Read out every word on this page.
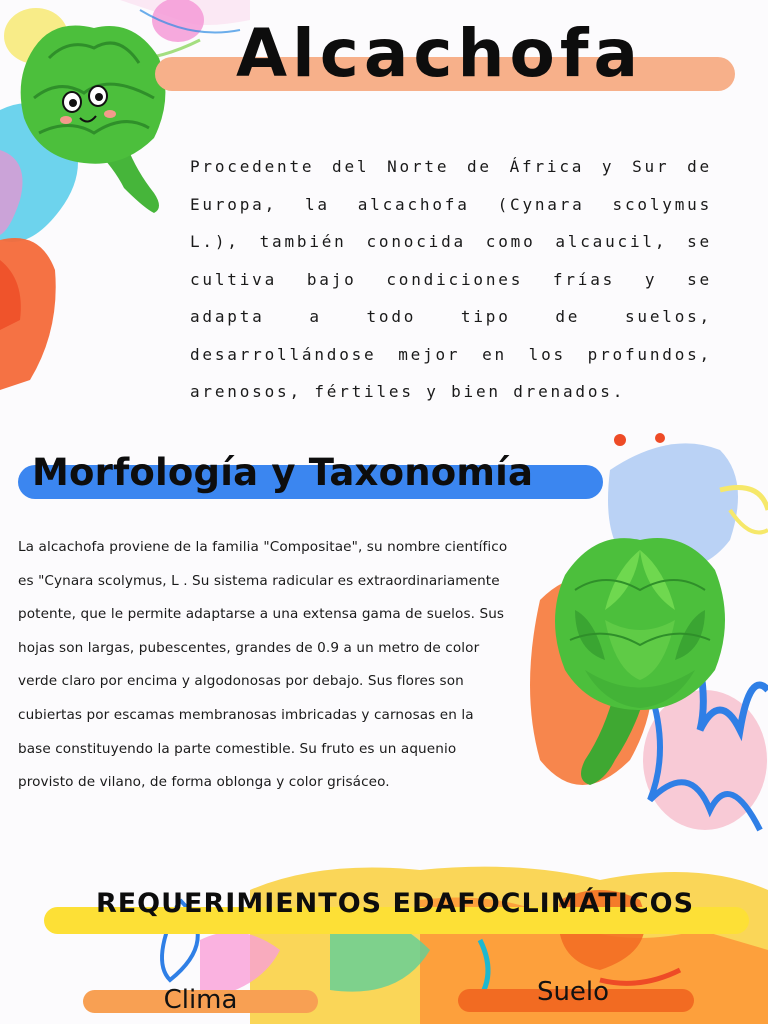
Alcachofa

Procedente del Norte de África y Sur de Europa, la alcachofa (Cynara scolymus L.), también conocida como alcaucil, se cultiva bajo condiciones frías y se adapta a todo tipo de suelos, desarrollándose mejor en los profundos, arenosos, fértiles y bien drenados.

Morfología y Taxonomía

La alcachofa proviene de la familia "Compositae", su nombre científico es "Cynara scolymus, L . Su sistema radicular es extraordinariamente potente, que le permite adaptarse a una extensa gama de suelos. Sus hojas son largas, pubescentes, grandes de 0.9 a un metro de color verde claro por encima y algodonosas por debajo. Sus flores son cubiertas por escamas membranosas imbricadas y carnosas en la base constituyendo la parte comestible. Su fruto es un aquenio provisto de vilano, de forma oblonga y color grisáceo.

REQUERIMIENTOS EDAFOCLIMÁTICOS
Clima	Suelo
